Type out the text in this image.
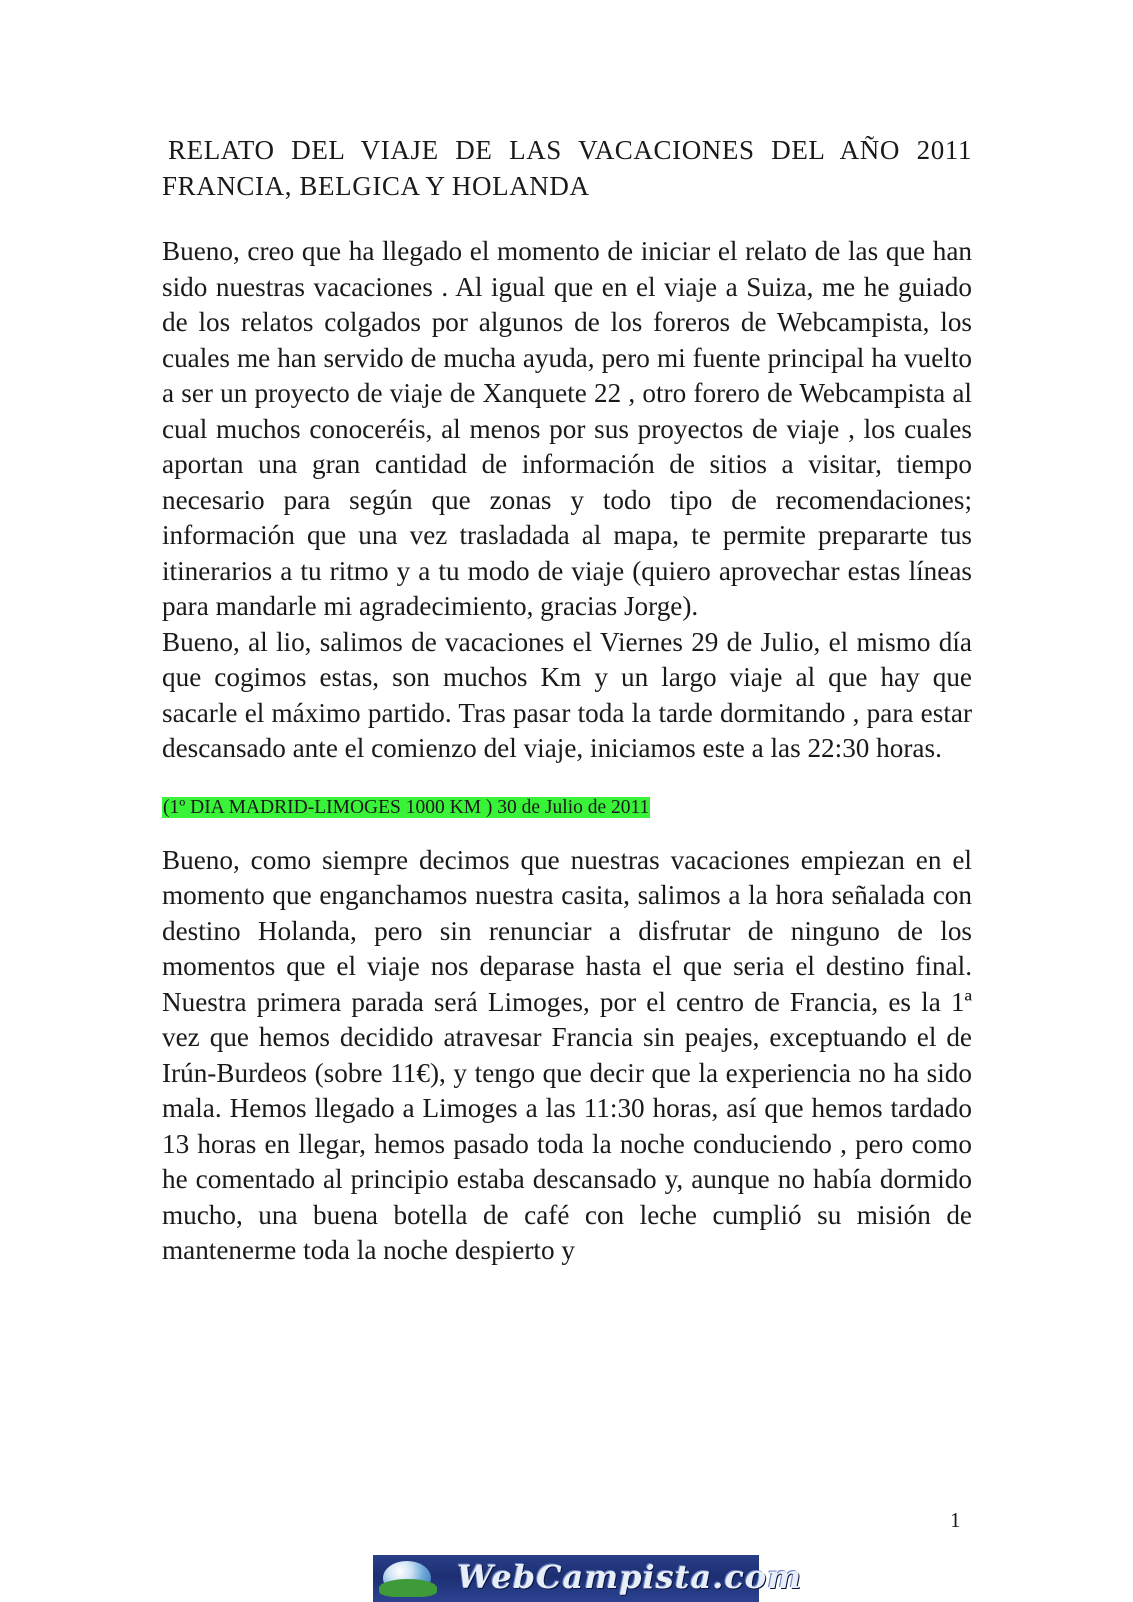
RELATO DEL VIAJE DE LAS VACACIONES DEL AÑO 2011
FRANCIA, BELGICA Y HOLANDA

Bueno, creo que ha llegado el momento de iniciar el relato de las que han sido nuestras vacaciones . Al igual que en el viaje a Suiza, me he guiado de los relatos colgados por algunos de los foreros de Webcampista, los cuales me han servido de mucha ayuda, pero mi fuente principal ha vuelto a ser un proyecto de viaje de Xanquete 22 , otro forero de Webcampista al cual muchos conoceréis, al menos por sus proyectos de viaje , los cuales aportan una gran cantidad de información de sitios a visitar, tiempo necesario para según que zonas y todo tipo de recomendaciones; información que una vez trasladada al mapa, te permite prepararte tus itinerarios a tu ritmo y a tu modo de viaje (quiero aprovechar estas líneas para mandarle mi agradecimiento, gracias Jorge).

Bueno, al lio, salimos de vacaciones el Viernes 29 de Julio, el mismo día que cogimos estas, son muchos Km y un largo viaje al que hay que sacarle el máximo partido. Tras pasar toda la tarde dormitando , para estar descansado ante el comienzo del viaje, iniciamos este a las 22:30 horas.

(1º DIA MADRID-LIMOGES 1000 KM ) 30 de Julio de 2011

Bueno, como siempre decimos que nuestras vacaciones empiezan en el momento que enganchamos nuestra casita, salimos a la hora señalada con destino Holanda, pero sin renunciar a disfrutar de ninguno de los momentos que el viaje nos deparase hasta el que seria el destino final. Nuestra primera parada será Limoges, por el centro de Francia, es la 1ª vez que hemos decidido atravesar Francia sin peajes, exceptuando el de Irún-Burdeos (sobre 11€), y tengo que decir que la experiencia no ha sido mala. Hemos llegado a Limoges a las 11:30 horas, así que hemos tardado 13 horas en llegar, hemos pasado toda la noche conduciendo , pero como he comentado al principio estaba descansado y, aunque no había dormido mucho, una buena botella de café con leche cumplió su misión de mantenerme toda la noche despierto y

1
WebCampista.com
